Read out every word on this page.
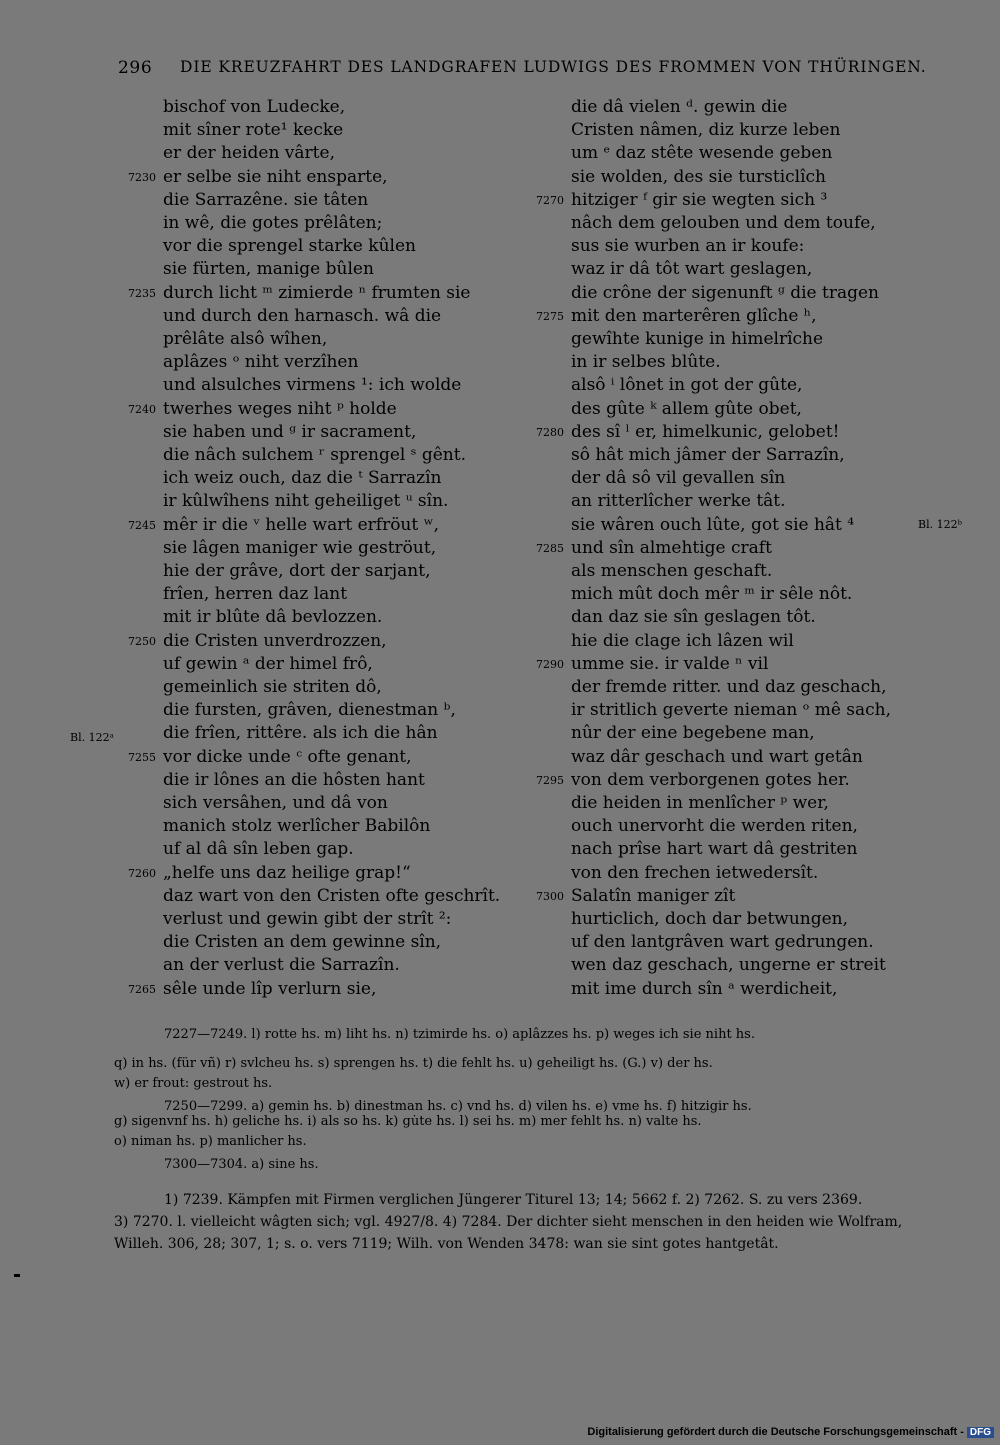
296 DIE KREUZFAHRT DES LANDGRAFEN LUDWIGS DES FROMMEN VON THÜRINGEN.
bischof von Ludecke,
mit sîner rote¹ kecke
er der heiden vârte,
er selbe sie niht ensparte,
die Sarrazêne. sie tâten
in wê, die gotes prêlâten;
vor die sprengel starke kûlen
sie fürten, manige bûlen
durch licht ᵐ zimierde ⁿ frumten sie
und durch den harnasch. wâ die
prêlâte alsô wîhen,
aplâzes ᵒ niht verzîhen
und alsulches virmens ¹: ich wolde
twerhes weges niht ᵖ holde
sie haben und ᵍ ir sacrament,
die nâch sulchem ʳ sprengel ˢ gênt.
ich weiz ouch, daz die ᵗ Sarrazîn
ir kûlwîhens niht geheiliget ᵘ sîn.
mêr ir die ᵛ helle wart erfröut ʷ,
sie lâgen maniger wie geströut,
hie der grâve, dort der sarjant,
frîen, herren daz lant
mit ir blûte dâ bevlozzen.
die Cristen unverdrozzen,
uf gewin ᵃ der himel frô,
gemeinlich sie striten dô,
die fursten, grâven, dienestman ᵇ,
die frîen, rittêre. als ich die hân
vor dicke unde ᶜ ofte genant,
die ir lônes an die hôsten hant
sich versâhen, und dâ von
manich stolz werlîcher Babilôn
uf al dâ sîn leben gap.
„helfe uns daz heilige grap!“
daz wart von den Cristen ofte geschrît.
verlust und gewin gibt der strît ²:
die Cristen an dem gewinne sîn,
an der verlust die Sarrazîn.
sêle unde lîp verlurn sie,
die dâ vielen ᵈ. gewin die
Cristen nâmen, diz kurze leben
um ᵉ daz stête wesende geben
sie wolden, des sie tursticlîch
hitziger ᶠ gir sie wegten sich ³
nâch dem gelouben und dem toufe,
sus sie wurben an ir koufe:
waz ir dâ tôt wart geslagen,
die crône der sigenunft ᵍ die tragen
mit den marterêren glîche ʰ,
gewîhte kunige in himelrîche
in ir selbes blûte.
alsô ⁱ lônet in got der gûte,
des gûte ᵏ allem gûte obet,
des sî ˡ er, himelkunic, gelobet!
sô hât mich jâmer der Sarrazîn,
der dâ sô vil gevallen sîn
an ritterlîcher werke tât.
sie wâren ouch lûte, got sie hât ⁴
und sîn almehtige craft
als menschen geschaft.
mich mût doch mêr ᵐ ir sêle nôt.
dan daz sie sîn geslagen tôt.
hie die clage ich lâzen wil
umme sie. ir valde ⁿ vil
der fremde ritter. und daz geschach,
ir stritlich geverte nieman ᵒ mê sach,
nûr der eine begebene man,
waz dâr geschach und wart getân
von dem verborgenen gotes her.
die heiden in menlîcher ᵖ wer,
ouch unervorht die werden riten,
nach prîse hart wart dâ gestriten
von den frechen ietwedersît.
Salatîn maniger zît
hurticlich, doch dar betwungen,
uf den lantgrâven wart gedrungen.
wen daz geschach, ungerne er streit
mit ime durch sîn ᵃ werdicheit,
7230
7235
7240
7245
7250
7255
7260
7265
7270
7275
7280
7285
7290
7295
7300
Bl. 122ᵇ
Bl. 122ᵃ
7227—7249. l) rotte hs. m) liht hs. n) tzimirde hs. o) aplâzzes hs. p) weges ich sie niht hs.
q) in hs. (für vñ) r) svlcheu hs. s) sprengen hs. t) die fehlt hs. u) geheiligt hs. (G.) v) der hs.
w) er frout: gestrout hs.
7250—7299. a) gemin hs. b) dinestman hs. c) vnd hs. d) vilen hs. e) vme hs. f) hitzigir hs.
g) sigenvnf hs. h) geliche hs. i) als so hs. k) gu̇te hs. l) sei hs. m) mer fehlt hs. n) valte hs.
o) niman hs. p) manlicher hs.
7300—7304. a) sine hs.
1) 7239. Kämpfen mit Firmen verglichen Jüngerer Titurel 13; 14; 5662 f. 2) 7262. S. zu vers 2369.
3) 7270. l. vielleicht wâgten sich; vgl. 4927/8. 4) 7284. Der dichter sieht menschen in den heiden wie Wolfram,
Willeh. 306, 28; 307, 1; s. o. vers 7119; Wilh. von Wenden 3478: wan sie sint gotes hantgetât.
Digitalisierung gefördert durch die Deutsche Forschungsgemeinschaft - DFG
